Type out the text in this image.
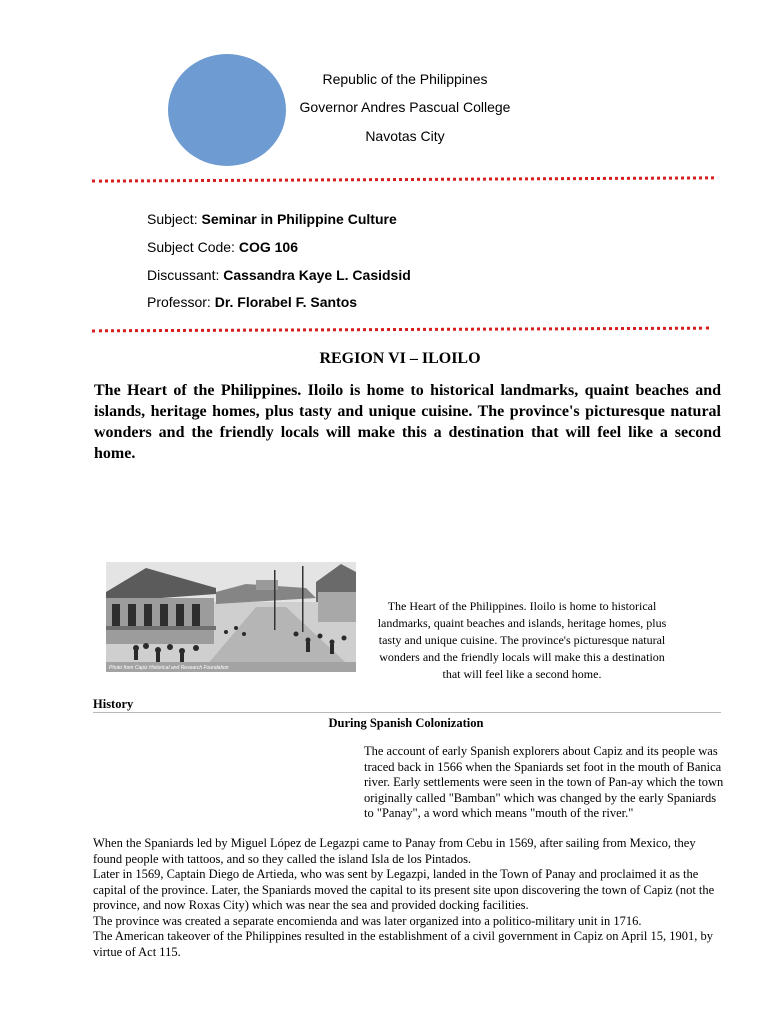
Republic of the Philippines
Governor Andres Pascual College
Navotas City
Subject: Seminar in Philippine Culture
Subject Code: COG 106
Discussant: Cassandra Kaye L. Casidsid
Professor: Dr. Florabel F. Santos
REGION VI – ILOILO
The Heart of the Philippines. Iloilo is home to historical landmarks, quaint beaches and islands, heritage homes, plus tasty and unique cuisine. The province's picturesque natural wonders and the friendly locals will make this a destination that will feel like a second home.
Photo from Capiz Historical and Research Foundation
The Heart of the Philippines. Iloilo is home to historical landmarks, quaint beaches and islands, heritage homes, plus tasty and unique cuisine. The province's picturesque natural wonders and the friendly locals will make this a destination that will feel like a second home.
History
During Spanish Colonization
The account of early Spanish explorers about Capiz and its people was traced back in 1566 when the Spaniards set foot in the mouth of Banica river. Early settlements were seen in the town of Pan-ay which the town originally called "Bamban" which was changed by the early Spaniards to "Panay", a word which means "mouth of the river."

When the Spaniards led by Miguel López de Legazpi came to Panay from Cebu in 1569, after sailing from Mexico, they found people with tattoos, and so they called the island Isla de los Pintados.

Later in 1569, Captain Diego de Artieda, who was sent by Legazpi, landed in the Town of Panay and proclaimed it as the capital of the province. Later, the Spaniards moved the capital to its present site upon discovering the town of Capiz (not the province, and now Roxas City) which was near the sea and provided docking facilities.

The province was created a separate encomienda and was later organized into a politico-military unit in 1716.

The American takeover of the Philippines resulted in the establishment of a civil government in Capiz on April 15, 1901, by virtue of Act 115.
